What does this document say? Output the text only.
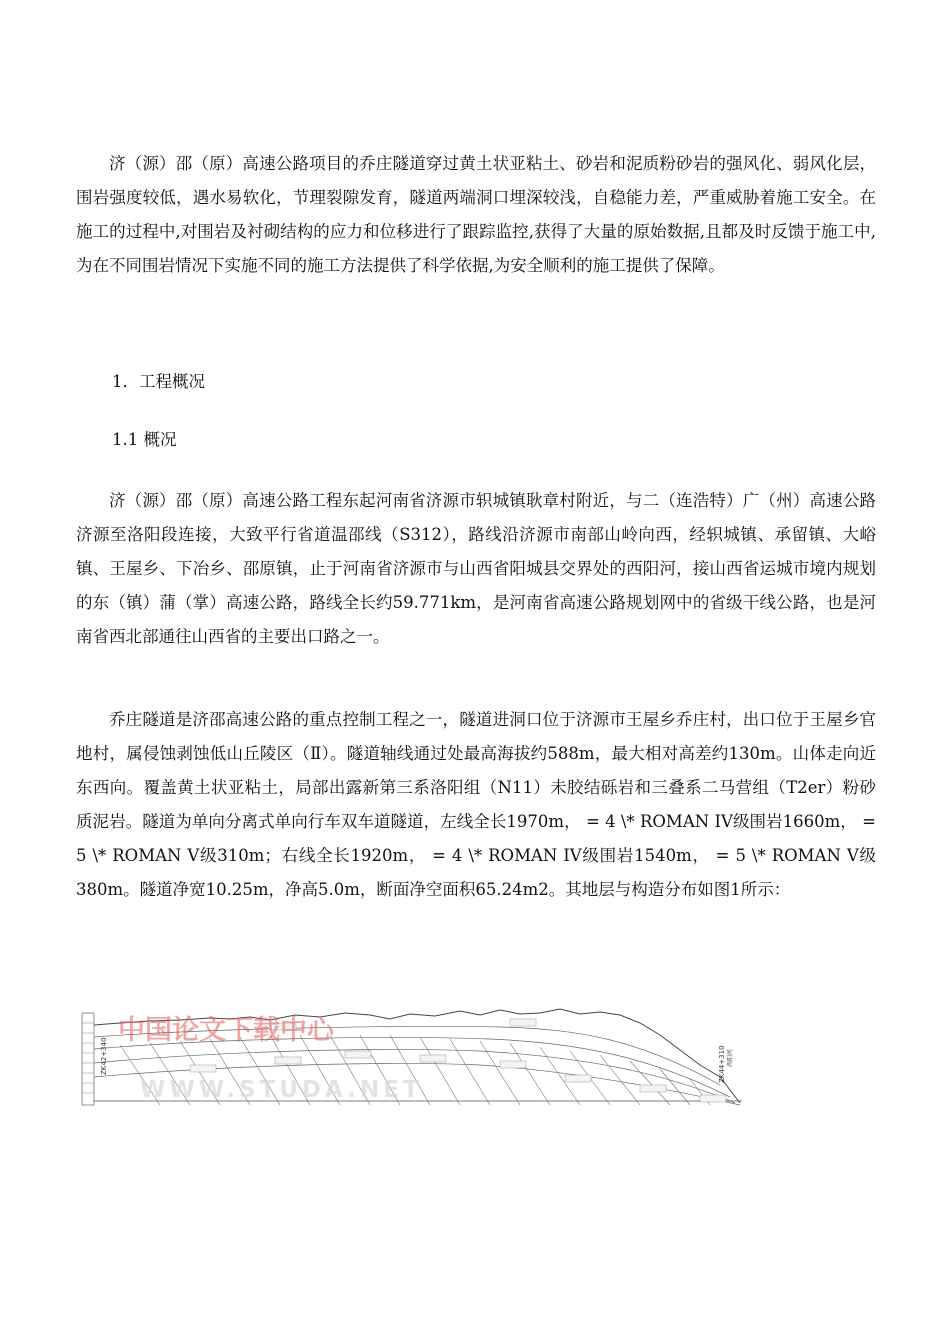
济（源）邵（原）高速公路项目的乔庄隧道穿过黄土状亚粘土、砂岩和泥质粉砂岩的强风化、弱风化层，围岩强度较低，遇水易软化，节理裂隙发育，隧道两端洞口埋深较浅，自稳能力差，严重威胁着施工安全。在施工的过程中,对围岩及衬砌结构的应力和位移进行了跟踪监控,获得了大量的原始数据,且都及时反馈于施工中,为在不同围岩情况下实施不同的施工方法提供了科学依据,为安全顺利的施工提供了保障。

1．工程概况

1.1 概况

济（源）邵（原）高速公路工程东起河南省济源市轵城镇耿章村附近，与二（连浩特）广（州）高速公路济源至洛阳段连接，大致平行省道温邵线（S312），路线沿济源市南部山岭向西，经轵城镇、承留镇、大峪镇、王屋乡、下冶乡、邵原镇，止于河南省济源市与山西省阳城县交界处的西阳河，接山西省运城市境内规划的东（镇）蒲（掌）高速公路，路线全长约59.771km，是河南省高速公路规划网中的省级干线公路，也是河南省西北部通往山西省的主要出口路之一。

乔庄隧道是济邵高速公路的重点控制工程之一，隧道进洞口位于济源市王屋乡乔庄村，出口位于王屋乡官地村，属侵蚀剥蚀低山丘陵区（Ⅱ）。隧道轴线通过处最高海拔约588m，最大相对高差约130m。山体走向近东西向。覆盖黄土状亚粘土，局部出露新第三系洛阳组（N11）未胶结砾岩和三叠系二马营组（T2er）粉砂质泥岩。隧道为单向分离式单向行车双车道隧道，左线全长1970m， = 4 \* ROMAN IV级围岩1660m， = 5 \* ROMAN V级310m；右线全长1920m， = 4 \* ROMAN IV级围岩1540m， = 5 \* ROMAN V级380m。隧道净宽10.25m，净高5.0m，断面净空面积65.24m2。其地层与构造分布如图1所示：

ZK42+340	ZK44+310 西阳河
中国论文下载中心
WWW.STUDA.NET
